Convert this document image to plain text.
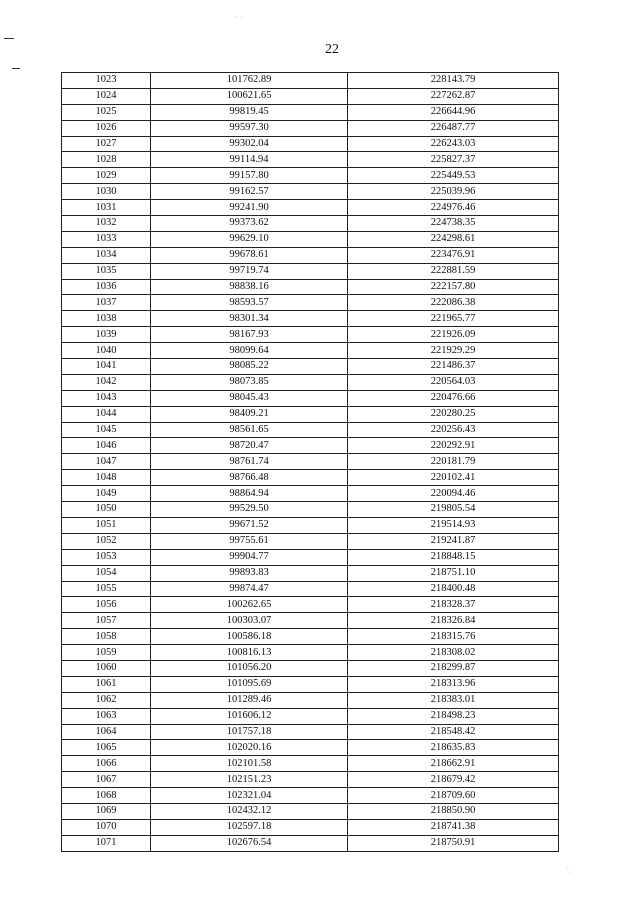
' · :
` ,
22
1023	101762.89	228143.79
1024	100621.65	227262.87
1025	99819.45	226644.96
1026	99597.30	226487.77
1027	99302.04	226243.03
1028	99114.94	225827.37
1029	99157.80	225449.53
1030	99162.57	225039.96
1031	99241.90	224976.46
1032	99373.62	224738.35
1033	99629.10	224298.61
1034	99678.61	223476.91
1035	99719.74	222881.59
1036	98838.16	222157.80
1037	98593.57	222086.38
1038	98301.34	221965.77
1039	98167.93	221926.09
1040	98099.64	221929.29
1041	98085.22	221486.37
1042	98073.85	220564.03
1043	98045.43	220476.66
1044	98409.21	220280.25
1045	98561.65	220256.43
1046	98720.47	220292.91
1047	98761.74	220181.79
1048	98766.48	220102.41
1049	98864.94	220094.46
1050	99529.50	219805.54
1051	99671.52	219514.93
1052	99755.61	219241.87
1053	99904.77	218848.15
1054	99893.83	218751.10
1055	99874.47	218400.48
1056	100262.65	218328.37
1057	100303.07	218326.84
1058	100586.18	218315.76
1059	100816.13	218308.02
1060	101056.20	218299.87
1061	101095.69	218313.96
1062	101289.46	218383.01
1063	101606.12	218498.23
1064	101757.18	218548.42
1065	102020.16	218635.83
1066	102101.58	218662.91
1067	102151.23	218679.42
1068	102321.04	218709.60
1069	102432.12	218850.90
1070	102597.18	218741.38
1071	102676.54	218750.91
